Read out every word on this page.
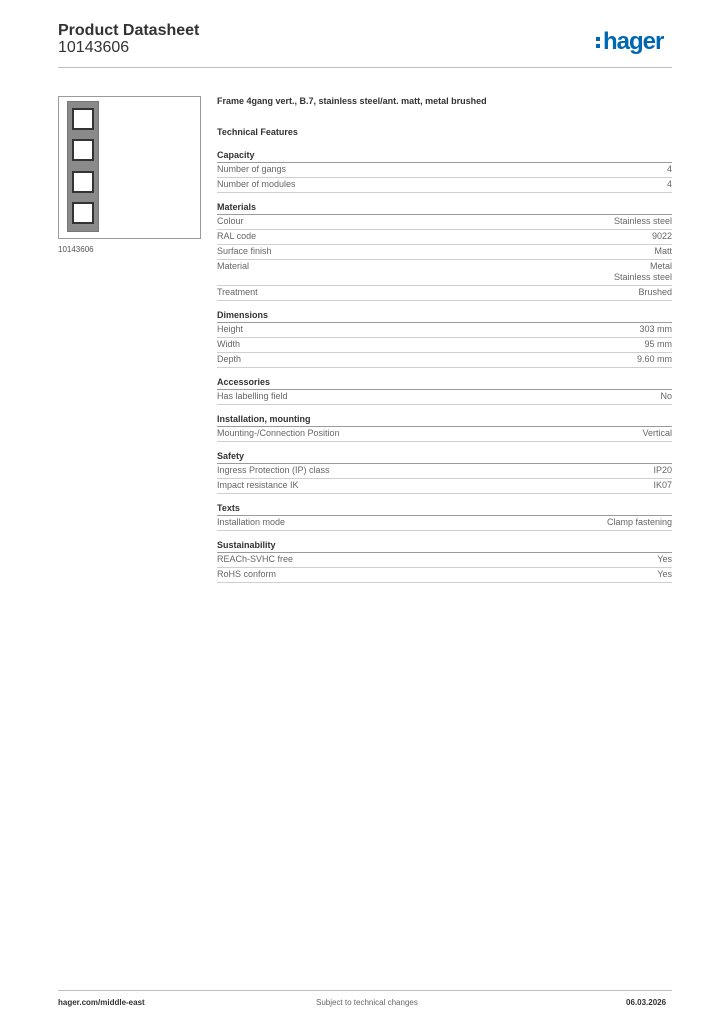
Product Datasheet
10143606	hager
10143606
Frame 4gang vert., B.7, stainless steel/ant. matt, metal brushed
Technical Features
Capacity
Number of gangs	4
Number of modules	4
Materials
Colour	Stainless steel
RAL code	9022
Surface finish	Matt
Material	Metal
Stainless steel
Treatment	Brushed
Dimensions
Height	303 mm
Width	95 mm
Depth	9.60 mm
Accessories
Has labelling field	No
Installation, mounting
Mounting-/Connection Position	Vertical
Safety
Ingress Protection (IP) class	IP20
Impact resistance IK	IK07
Texts
Installation mode	Clamp fastening
Sustainability
REACh-SVHC free	Yes
RoHS conform	Yes
hager.com/middle-east	Subject to technical changes	06.03.2026
